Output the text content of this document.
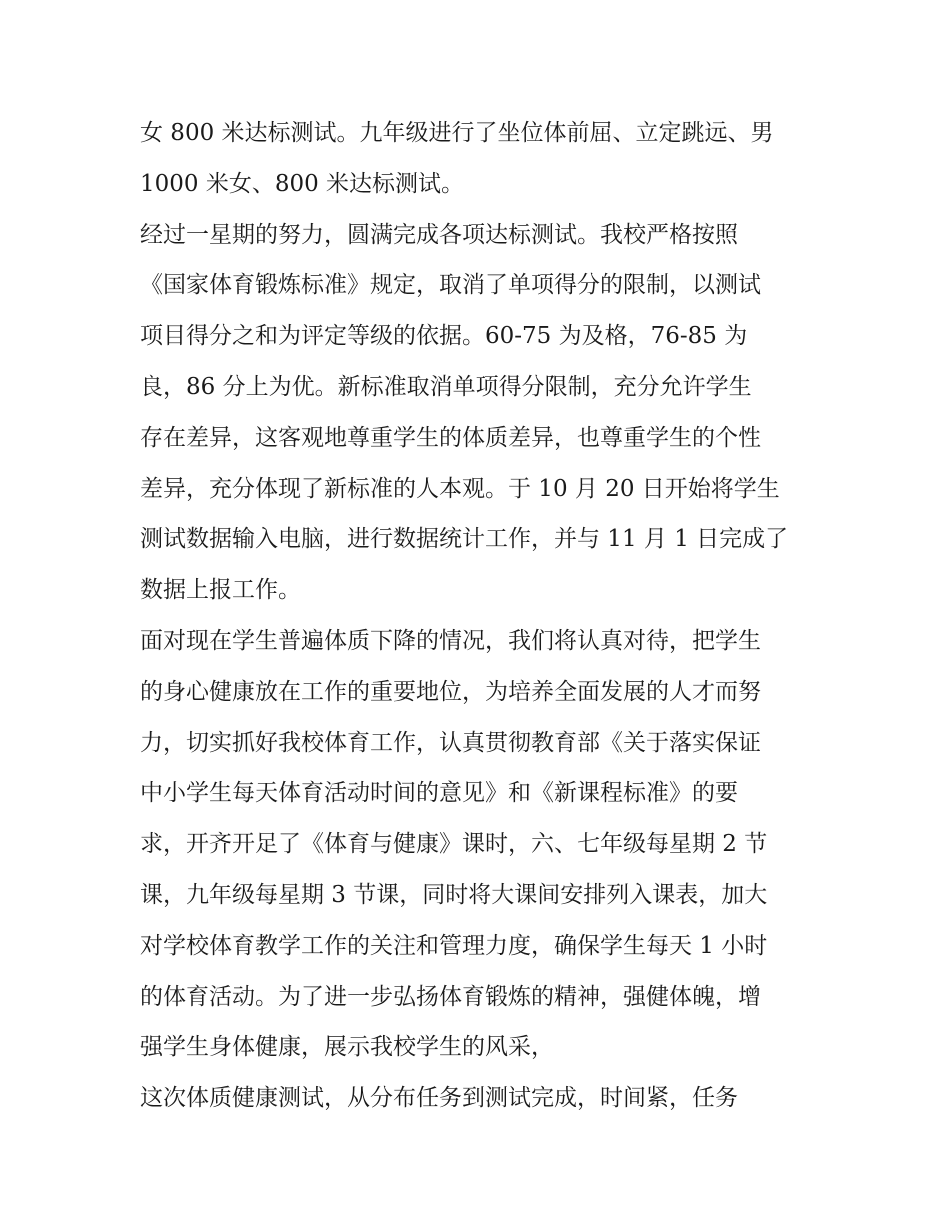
女 800 米达标测试。九年级进行了坐位体前屈、立定跳远、男
1000 米女、800 米达标测试。
经过一星期的努力，圆满完成各项达标测试。我校严格按照
《国家体育锻炼标准》规定，取消了单项得分的限制，以测试
项目得分之和为评定等级的依据。60-75 为及格，76-85 为
良，86 分上为优。新标准取消单项得分限制，充分允许学生
存在差异，这客观地尊重学生的体质差异，也尊重学生的个性
差异，充分体现了新标准的人本观。于 10 月 20 日开始将学生
测试数据输入电脑，进行数据统计工作，并与 11 月 1 日完成了
数据上报工作。
面对现在学生普遍体质下降的情况，我们将认真对待，把学生
的身心健康放在工作的重要地位，为培养全面发展的人才而努
力，切实抓好我校体育工作，认真贯彻教育部《关于落实保证
中小学生每天体育活动时间的意见》和《新课程标准》的要
求，开齐开足了《体育与健康》课时，六、七年级每星期 2 节
课，九年级每星期 3 节课，同时将大课间安排列入课表，加大
对学校体育教学工作的关注和管理力度，确保学生每天 1 小时
的体育活动。为了进一步弘扬体育锻炼的精神，强健体魄，增
强学生身体健康，展示我校学生的风采，
这次体质健康测试，从分布任务到测试完成，时间紧，任务
